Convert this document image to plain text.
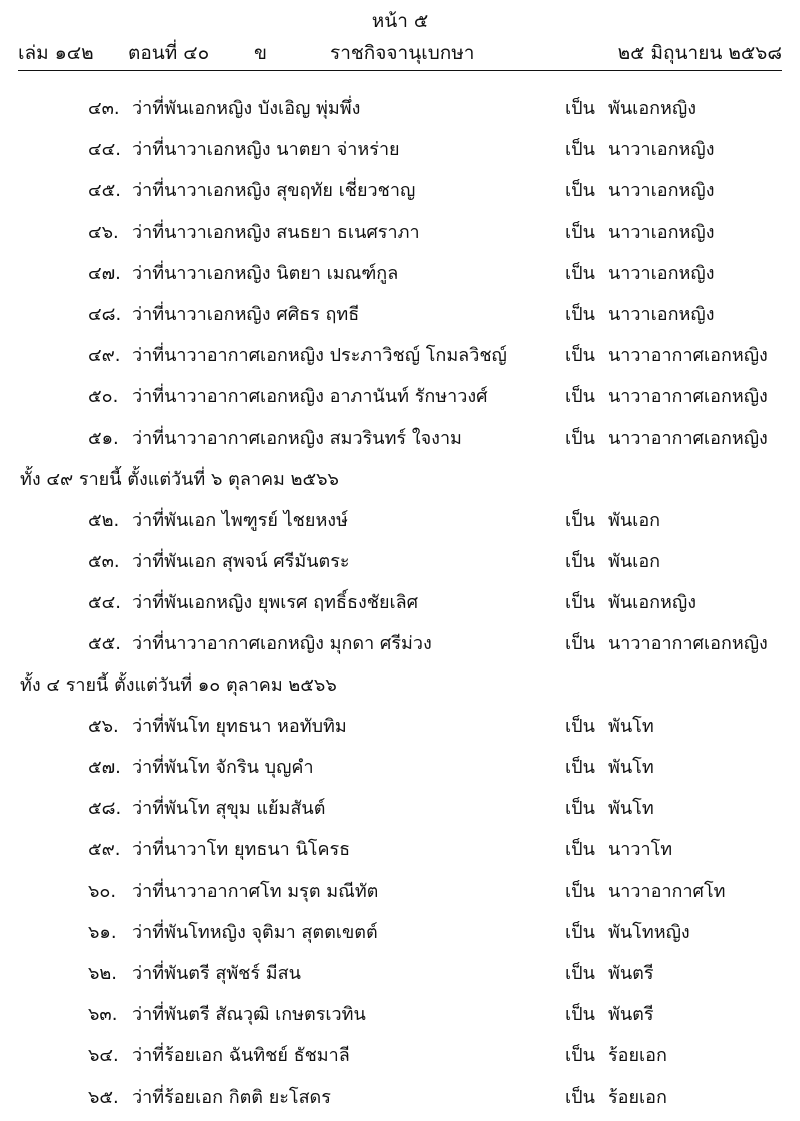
หน้า ๕
เล่ม ๑๔๒ ตอนที่ ๔๐ ข	ราชกิจจานุเบกษา	๒๕ มิถุนายน ๒๕๖๘
๔๓. ว่าที่พันเอกหญิง บังเอิญ พุ่มพึ่ง	เป็น พันเอกหญิง
๔๔. ว่าที่นาวาเอกหญิง นาตยา จ่าหร่าย	เป็น นาวาเอกหญิง
๔๕. ว่าที่นาวาเอกหญิง สุขฤทัย เชี่ยวชาญ	เป็น นาวาเอกหญิง
๔๖. ว่าที่นาวาเอกหญิง สนธยา ธเนศราภา	เป็น นาวาเอกหญิง
๔๗. ว่าที่นาวาเอกหญิง นิตยา เมณฑ์กูล	เป็น นาวาเอกหญิง
๔๘. ว่าที่นาวาเอกหญิง ศศิธร ฤทธี	เป็น นาวาเอกหญิง
๔๙. ว่าที่นาวาอากาศเอกหญิง ประภาวิชญ์ โกมลวิชญ์	เป็น นาวาอากาศเอกหญิง
๕๐. ว่าที่นาวาอากาศเอกหญิง อาภานันท์ รักษาวงศ์	เป็น นาวาอากาศเอกหญิง
๕๑. ว่าที่นาวาอากาศเอกหญิง สมวรินทร์ ใจงาม	เป็น นาวาอากาศเอกหญิง
ทั้ง ๔๙ รายนี้ ตั้งแต่วันที่ ๖ ตุลาคม ๒๕๖๖
๕๒. ว่าที่พันเอก ไพฑูรย์ ไชยหงษ์	เป็น พันเอก
๕๓. ว่าที่พันเอก สุพจน์ ศรีมันตระ	เป็น พันเอก
๕๔. ว่าที่พันเอกหญิง ยุพเรศ ฤทธิ์ธงชัยเลิศ	เป็น พันเอกหญิง
๕๕. ว่าที่นาวาอากาศเอกหญิง มุกดา ศรีม่วง	เป็น นาวาอากาศเอกหญิง
ทั้ง ๔ รายนี้ ตั้งแต่วันที่ ๑๐ ตุลาคม ๒๕๖๖
๕๖. ว่าที่พันโท ยุทธนา หอทับทิม	เป็น พันโท
๕๗. ว่าที่พันโท จักริน บุญคำ	เป็น พันโท
๕๘. ว่าที่พันโท สุขุม แย้มสันต์	เป็น พันโท
๕๙. ว่าที่นาวาโท ยุทธนา นิโครธ	เป็น นาวาโท
๖๐. ว่าที่นาวาอากาศโท มรุต มณีทัต	เป็น นาวาอากาศโท
๖๑. ว่าที่พันโทหญิง จุติมา สุตตเขตต์	เป็น พันโทหญิง
๖๒. ว่าที่พันตรี สุพัชร์ มีสน	เป็น พันตรี
๖๓. ว่าที่พันตรี สัณวุฒิ เกษตรเวทิน	เป็น พันตรี
๖๔. ว่าที่ร้อยเอก ฉันทิชย์ ธัชมาลี	เป็น ร้อยเอก
๖๕. ว่าที่ร้อยเอก กิตติ ยะโสดร	เป็น ร้อยเอก
